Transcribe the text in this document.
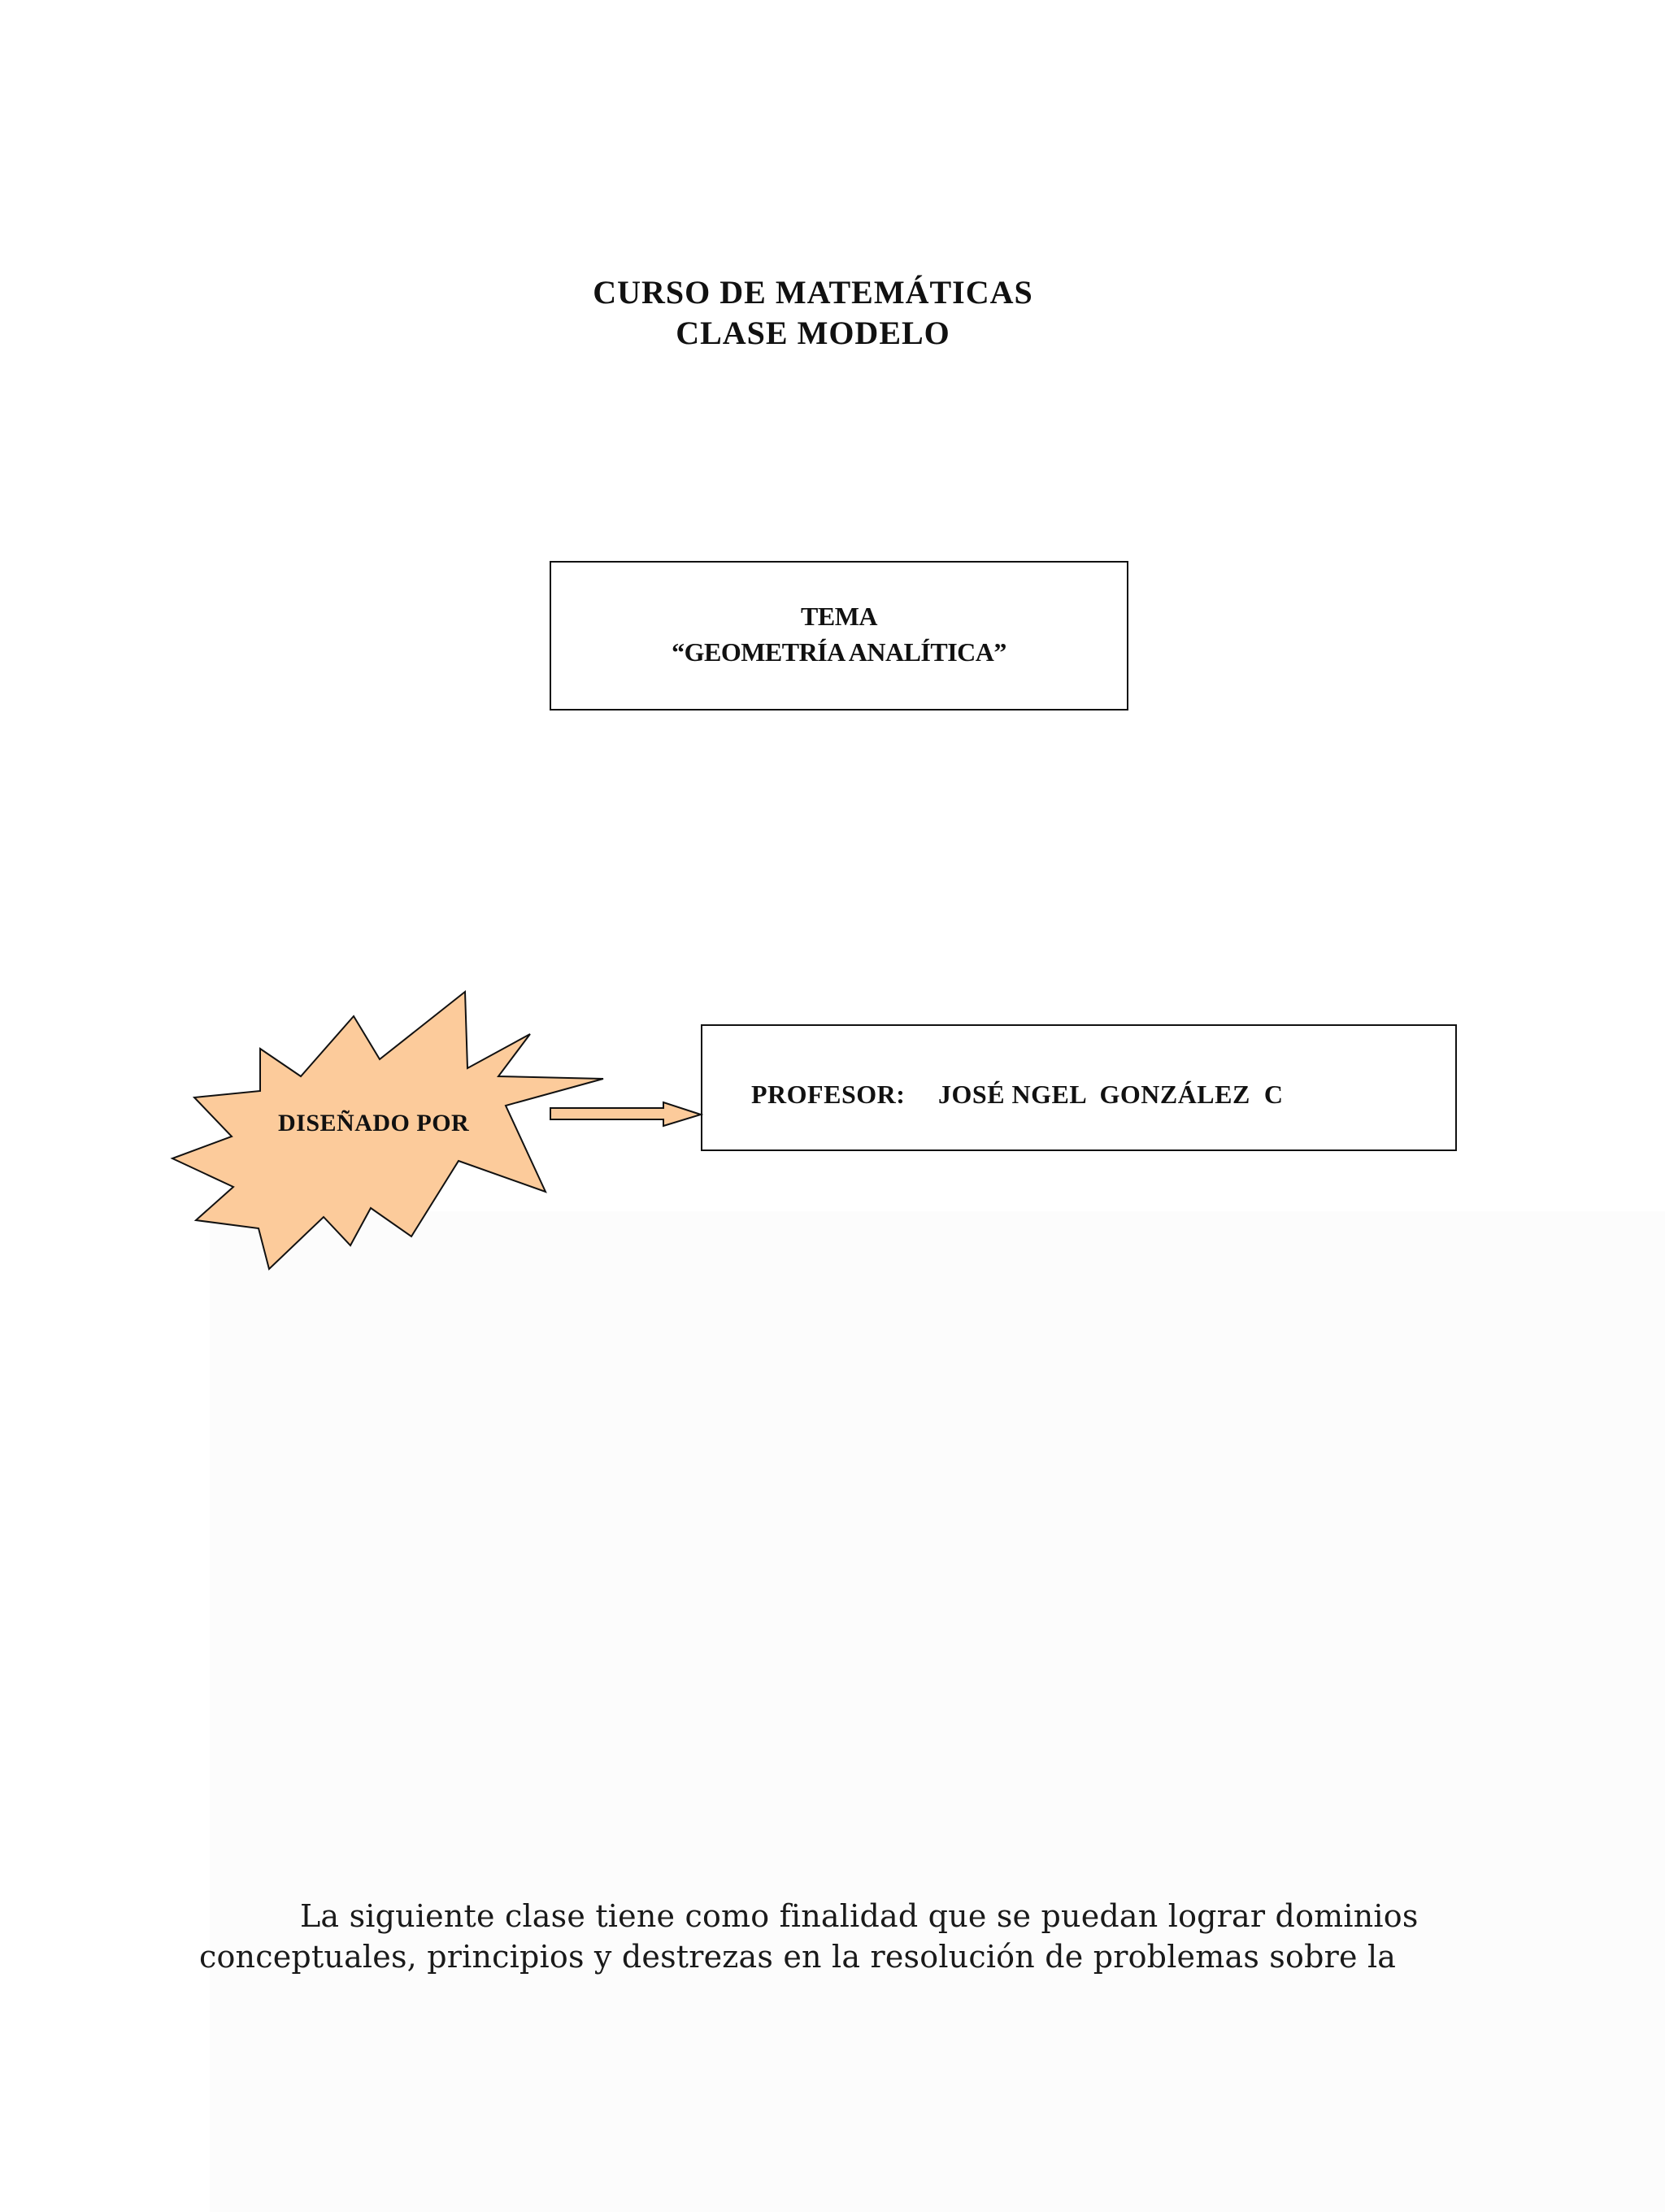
CURSO DE MATEMÁTICAS
CLASE MODELO
TEMA
“GEOMETRÍA ANALÍTICA”
DISEÑADO POR
PROFESOR: JOSÉ NGEL  GONZÁLEZ  C
La siguiente clase tiene como finalidad que se puedan lograr dominios
conceptuales, principios y destrezas en la resolución de problemas sobre la
